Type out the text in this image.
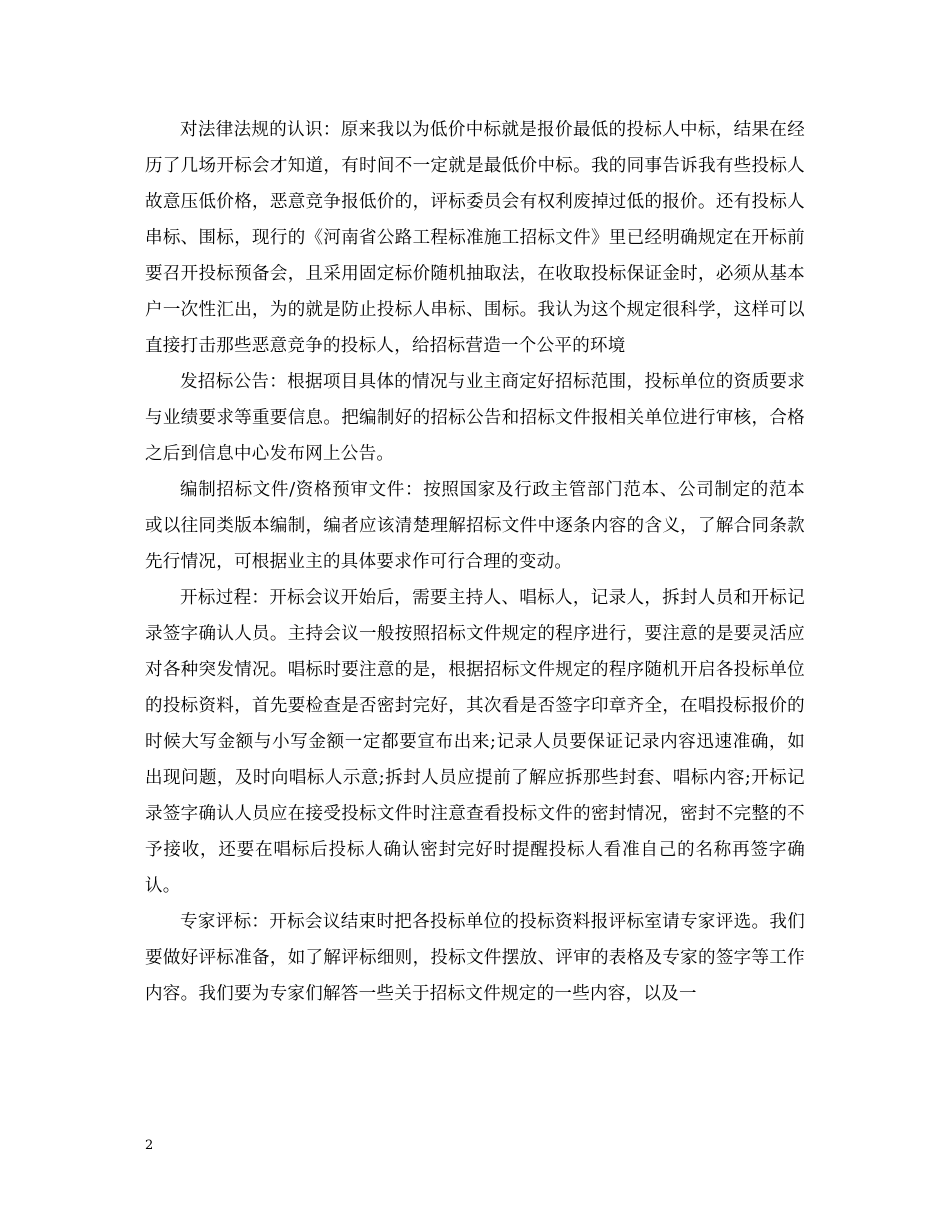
对法律法规的认识：原来我以为低价中标就是报价最低的投标人中标，结果在经历了几场开标会才知道，有时间不一定就是最低价中标。我的同事告诉我有些投标人故意压低价格，恶意竞争报低价的，评标委员会有权利废掉过低的报价。还有投标人串标、围标，现行的《河南省公路工程标准施工招标文件》里已经明确规定在开标前要召开投标预备会，且采用固定标价随机抽取法，在收取投标保证金时，必须从基本户一次性汇出，为的就是防止投标人串标、围标。我认为这个规定很科学，这样可以直接打击那些恶意竞争的投标人，给招标营造一个公平的环境

发招标公告：根据项目具体的情况与业主商定好招标范围，投标单位的资质要求与业绩要求等重要信息。把编制好的招标公告和招标文件报相关单位进行审核，合格之后到信息中心发布网上公告。

编制招标文件/资格预审文件：按照国家及行政主管部门范本、公司制定的范本或以往同类版本编制，编者应该清楚理解招标文件中逐条内容的含义，了解合同条款先行情况，可根据业主的具体要求作可行合理的变动。

开标过程：开标会议开始后，需要主持人、唱标人，记录人，拆封人员和开标记录签字确认人员。主持会议一般按照招标文件规定的程序进行，要注意的是要灵活应对各种突发情况。唱标时要注意的是，根据招标文件规定的程序随机开启各投标单位的投标资料，首先要检查是否密封完好，其次看是否签字印章齐全，在唱投标报价的时候大写金额与小写金额一定都要宣布出来;记录人员要保证记录内容迅速准确，如出现问题，及时向唱标人示意;拆封人员应提前了解应拆那些封套、唱标内容;开标记录签字确认人员应在接受投标文件时注意查看投标文件的密封情况，密封不完整的不予接收，还要在唱标后投标人确认密封完好时提醒投标人看准自己的名称再签字确认。

专家评标：开标会议结束时把各投标单位的投标资料报评标室请专家评选。我们要做好评标准备，如了解评标细则，投标文件摆放、评审的表格及专家的签字等工作内容。我们要为专家们解答一些关于招标文件规定的一些内容，以及一

2
